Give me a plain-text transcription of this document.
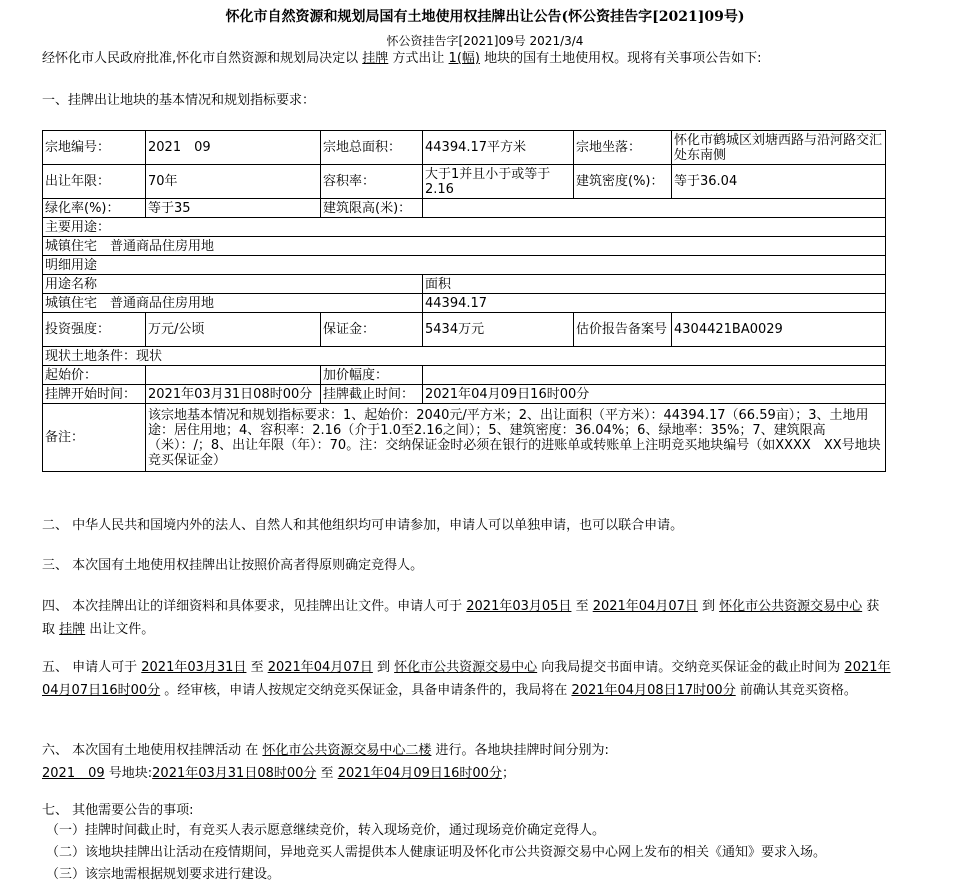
怀化市自然资源和规划局国有土地使用权挂牌出让公告(怀公资挂告字[2021]09号)
怀公资挂告字[2021]09号 2021/3/4
经怀化市人民政府批准,怀化市自然资源和规划局决定以 挂牌 方式出让 1(幅) 地块的国有土地使用权。现将有关事项公告如下:
一、挂牌出让地块的基本情况和规划指标要求：
宗地编号：	2021　09	宗地总面积：	44394.17平方米	宗地坐落：	怀化市鹤城区刘塘西路与沿河路交汇处东南侧
出让年限：	70年	容积率：	大于1并且小于或等于2.16	建筑密度(%)：	等于36.04
绿化率(%)：	等于35	建筑限高(米)：			
主要用途：					
城镇住宅　普通商品住房用地					
明细用途					
用途名称			面积		
城镇住宅　普通商品住房用地			44394.17		
投资强度：	万元/公顷	保证金：	5434万元	估价报告备案号	4304421BA0029
现状土地条件：现状					
起始价：		加价幅度：			
挂牌开始时间：	2021年03月31日08时00分	挂牌截止时间：	2021年04月09日16时00分		
备注：	该宗地基本情况和规划指标要求：1、起始价：2040元/平方米；2、出让面积（平方米）：44394.17（66.59亩）；3、土地用途：居住用地；4、容积率：2.16（介于1.0至2.16之间）；5、建筑密度：36.04%；6、绿地率：35%；7、建筑限高（米）：/；8、出让年限（年）：70。注：交纳保证金时必须在银行的进账单或转账单上注明竞买地块编号（如XXXX　XX号地块竞买保证金）				
二、 中华人民共和国境内外的法人、自然人和其他组织均可申请参加，申请人可以单独申请，也可以联合申请。
三、 本次国有土地使用权挂牌出让按照价高者得原则确定竞得人。
四、 本次挂牌出让的详细资料和具体要求，见挂牌出让文件。申请人可于 2021年03月05日 至 2021年04月07日 到 怀化市公共资源交易中心 获取 挂牌 出让文件。
五、 申请人可于 2021年03月31日 至 2021年04月07日 到 怀化市公共资源交易中心 向我局提交书面申请。交纳竞买保证金的截止时间为 2021年04月07日16时00分 。经审核，申请人按规定交纳竞买保证金，具备申请条件的，我局将在 2021年04月08日17时00分 前确认其竞买资格。
六、 本次国有土地使用权挂牌活动 在 怀化市公共资源交易中心二楼 进行。各地块挂牌时间分别为:
2021　09 号地块:2021年03月31日08时00分 至 2021年04月09日16时00分；
七、 其他需要公告的事项:
（一）挂牌时间截止时，有竞买人表示愿意继续竞价，转入现场竞价，通过现场竞价确定竞得人。
（二）该地块挂牌出让活动在疫情期间，异地竞买人需提供本人健康证明及怀化市公共资源交易中心网上发布的相关《通知》要求入场。
（三）该宗地需根据规划要求进行建设。
